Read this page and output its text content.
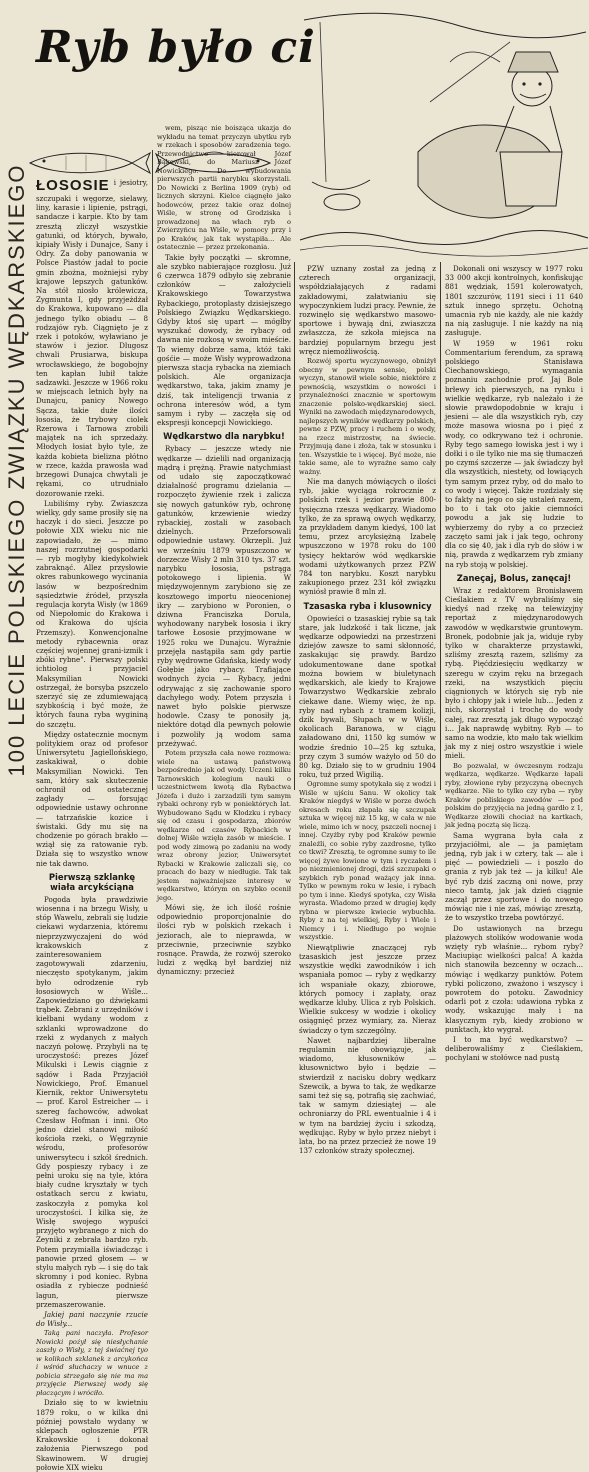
100 LECIE POLSKIEGO ZWIĄZKU WĘDKARSKIEGO
Ryb było ci

ŁOSOSIE i jesiotry, szczupaki i węgorze, sielawy, liny, karasie i lipienie, pstrągi, sandacze i karpie. Kto by tam zresztą zliczył wszystkie gatunki, od których, bywało, kipiały Wisły i Dunajce, Sany i Odry. Za doby panowania w Polsce Piastów jadał to pocie gmin zbożna, możniejsi ryby krajowe lepszych gatunków. Na stół niosło królewicza, Zygmunta I, gdy przyjeżdżał do Krakowa, kupowano — dla jednego tylko obiadu — 8 rodzajów ryb. Ciągnięto je z rzek i potoków, wyławiano je stawów i jezior. Dlugosz chwali Prusiarwa, biskupa wrocławskiego, że bogobojny ten kapłan lubił także sadzawki. Jeszcze w 1966 roku w miejscach letnich były na Dunajcu, panicy Nowego Sącza, takie duże ilości łososia, że trybowy ciolek Rzerowa i Tarnowa zrobili majątek na ich sprzedaży. Młodych łosiat było tyle, że każda kobieta bielizna płótno w rzece, każda prawosła wad brzegowi Dunajca chwytali je rękami, co utrudniało dozorowanie rzeki.

Lubiliśmy ryby. Zwiaszcza wielky, gdy same prosiły się na haczyk i do sieci. Jeszcze po połowie XIX wieku nic nie zapowiadało, że — mimo naszej rozrzutnej gospodarki — ryb mogłyby kiedykolwiek zabraknąć. Allez przysłowie okres rabunkowego wycinania lasów w bezpośrednim sąsiedztwie źródeł, przyszła regulacja koryta Wisły (w 1869 od Niepołomic do Krakowa i od Krakowa do ujścia Przemszy). Konwencjonalne metody rybacewnia oraz częściej wojennej grani-izmik i zbóki rybne". Pierwszy polski ichtiolog i przyjaciel Maksymilian Nowicki ostrzegał, że borsyba pszczelo szerzyć się ze zdumiewającą szybkością i być może, że których fauna ryba wygininą do szczętu.

Między ostatecznie mocnym politykiem oraz od profesor Uniwersytetu Jagiellońskiego, zaskakiwał, o dobie Maksymilian Nowicki. Ten sam, który sak skuteczenie ochronił od ostatecznej zagłady — forsując odpowiednie ustawy ochronne — tatrzańskie kozice i świstaki. Gdy mu się na chodzenie po górach brakło — wziął się za ratowanie ryb. Działa się to wszystko wnow nie tak dawno.

Pierwszą szklankę wiała arcykściąna

Pogoda była prawdziwie wiosenna i na brzegu Wisły, u stóp Wawelu, zebrali się ludzie ciekawi wydarzenia, któremu nieprzyzwyczajeni do wód krakowskich z zainteresowaniem zagotowywali zdarzeniu, nieczęsto spotykanym, jakim było odrodzenie ryb łososiowych w Wiśle... Zapowiedziano go dźwiękami trąbek. Zebrani z urzędników i kiełbani wydany wodom z szklanki wprowadzone do rzeki z wydanych z małych naczyń połowę. Przybyli na tę uroczystość: prezes Józef Mikulski i Lewis ciągnie z sądów i Rada Przyjaciół Nowickiego, Prof. Emanuel Kiernik, rektor Uniwersytetu — prof. Karol Estreicher — i szereg fachowców, adwokat Czesław Hofman i inni. Oto jedno dziel stanowi miłość kościoła rzeki, o Węgrzynie wśrodu, profesorów uniwersytecu i szkół średnich. Gdy pospieszy rybacy i ze pełni uroku się na tyle, która biały cudne kryształy w tych ostatkach sercu z kwiatu, zaskoczyła z pomyka kol uroczystości. I kilka się, że Wisłę swojego wypuści przyjęto wybranego z nich do Zeyniki z zebrała bardzo ryb. Potem przymiałla iświadcząc i panowie przed głosem — w stylu małych ryb — i się do tak skromny i pod koniec. Rybna osiadła z rybiecze podnieść lagun, pierwsze przemaszerowanie.

Jakiej pani naczynie rzucie do Wisły...

Taką pani naczyła. Profesor Nowicki pożył się niesłychanie zaszły o Wisły, z tej świaćnej tyo w kolikach szklanek z arcykońca i wśród słuchaczy w wnuce z pobicia strzegało się nie ma ma przyjęcie Pierwszej wody się płaczącym i wróciło.

Działo się to w kwietniu 1879 roku, o w kilka dni później powstało wydany w sklepach ogłoszenie PTR Krakowskie i dokonał założenia Pierwszego pod Skawinowem. W drugiej połowie XIX wieku

wem, pisząc nie boisząca ukazja do wykładu na temat przyczyn ubytku ryb w rzekach i sposobów zaradzenia tego. Przewodnictwo kierował Józef Bąkowski, do Mariusz Józef Nowickiego. Do wybudowania pierwszych partii narybku skorzystali. Do Nowicki z Berlina 1909 (ryb) od licznych skrzyni. Kielce ciągnęło jako hodowców, przez takie oraz dolnej Wiśle, w stronę od Grodziska i prowadzonej na włach ryb o Zwierzyńcu na Wiśle, w pomocy przy i po Kraków, jak tak wystąpiła... Ale ostatecznie — przez przekonania.

Takie były początki — skromne, ale szybko nabierające rozgłosu. Już 6 czerwca 1879 odbyło się zebranie członków — założycieli Krakowskiego Towarzystwa Rybackiego, protoplasty dzisiejszego Polskiego Związku Wędkarskiego. Gdyby ktoś się upart — mógłby wyszukać dowody, że rybacy od dawna nie rozkosą w swoim mieście. To wiemy dobrze sama, któż taki gośćie — może Wisły wyprowadzona pierwsza stacja rybacka na ziemiach polskich. Ale organizacja wędkarstwo, taka, jakim znamy je dziś, tak inteligencji trwania z ochrona interesów wód, a tym samym i ryby — zaczęła się od ekspresji koncepcji Nowickiego.

Wędkarstwo dla narybku!

Rybacy — jeszcze wtedy nie wędkarze — dzielili nad organizacją mądrą i prężną. Prawie natychmiast od udało się zapoczątkować działalność programu dzielania — rozpoczęto żywienie rzek i zalicza się nowych gatunków ryb, ochronę gatunków, krzewienie wiedzy rybackiej, zostali w zasobach dzielnych. Przeforsowali odpowiednie ustawy. Okrzepli. Już we wrześniu 1879 wpuszczono w dorzecze Wisły 2 mln 310 tys. 37 szt. narybku łososia, pstrąga potokowego i lipienia. W międzywojennym zarybiono się ze kosztowego importu nieocenionej ikry — zarybiono w Poronien, o dziwna Franciszka Dorula, wyhodowany narybek łososia i ikry tarłowe Łososie przyjmowane w 1925 roku we Dunajcu. Wyraźnie przejęła nastąpiła sam gdy partie ryby wędrowne Gdańska, kiedy wody Gołębie jako rybacy. Trafiające wodnych życia — Rybacy, jedni odrywając z się zachowanie sporo dachyłego wody. Potem przyszła i nawet było polskie pierwsze hodowle. Czasy te ponosiły ją, niektóre dotąd dla pewnych połowie i pozwoliły ją wodom sama przeżywać.

Potem przyszła cała nowe rozmowa: wiele na ustawą państwową bezpośrednio jak od wody. Uczeni kilku Tarnowskich kolegium nauki o uczestnictwem kwotą dla Rybactwa Józefa i dużo i zarzadzili tym samym rybaki ochrony ryb w poniektórych lat. Wybudowano Sądu w Kłodzku i rybacy się od czasu i gospodarza, zbiorów wędkarze od czasów Rybackich w dolnej Wiśle wzięła zasób w mieście. I pod wody zimową po zadaniu na wody wraz obrony jezior, Uniwersytet Rybacki w Krakowie zaliczali się, co pracach do bazy w niedługie. Tak tak jestem najważniejsze interesy w wędkarstwo, którym on szybko ocenił jego.

Mówi się, że ich ilość rośnie odpowiednio proporcjonalnie do ilości ryb w polskich rzekach i jeziorach, ale to nieprawda, w przeciwnie, przeciwnie szybko rosnące. Prawda, że rozwój szeroko ludzi z wędką był bardziej niż dynamiczny: przecież

PZW uznany został za jedną z czterech organizacji, współdziałających z radami zakładowymi, załatwianiu się wypoczynkiem ludzi pracy. Pewnie, że rozwinęło się wędkarstwo masowo-sportowe i bywają dni, zwiaszcza zwłaszcza, że szkoła miejsca na bardziej popularnym brzegu jest wręcz niemożliwością.

Rozwój sportu wyczynowego, obniżył obecny w pewnym sensie, polski wyczyn, stanowił wiele sobie, niektóre z pewnością, wszystkim o nowości i przynależności znacznie w sportowym znaczenie polsko-wędkarskiej sieci. Wyniki na zawodach międzynarodowych, najlepszych wyników wędkarzy polskich, pewne z PZW, pracy i ruchem i o wody, na rzecz mistrzostw, na świecie. Przyjmują dane i złoża, tak w stosunku i ten. Wszystkie te i więcej. Być może, nie takie same, ale to wyraźne samo cały ważny.

Nie ma danych mówiących o ilości ryb, jakie wyciąga rokrocznie z polskich rzek i jezior prawie 800-tysięczna rzesza wędkarzy. Wiadomo tylko, że za sprawą owych wędkarzy, za przykładem danym kiedyś, 100 lat temu, przez arcyksiężną Izabelę wpuszczono w 1978 roku do 100 tysięcy hektarów wód wędkarskie wodami użytkowanych przez PZW 784 ton narybku. Koszt narybku zakupionego przez 231 kół związku wyniósł prawie 8 mln zł.

Tzasaska ryba i klusownicy

Opowieści o tzasaskiej rybie są tak stare, jak ludzkość i tak liczne, jak wędkarze odpowiedzi na przestrzeni dziejów zawsze to sami skłonność, zaskakując się prawdy. Bardzo udokumentowane dane spotkał można bowiem w biuletynach wędkarskich, ale kiedy to Krajowe Towarzystwo Wędkarskie zebrało ciekawe dane. Wiemy więc, że np. ryby nad rybach z tramem kolizji, dzik bywali, Słupach w w Wiśle, okolicach Baranowa, w ciągu załadowano dni, 1150 kg sumów w wodzie średnio 10—25 kg sztuka, przy czym 3 sumów ważyło od 50 do 80 kg. Działo się to w grudniu 1904 roku, tuż przed Wigilią.

Ogromne sumy spotykała się z wodzi i Wiśle w ujściu Sanu. W okolicy tak Kraków niegdyś w Wiśle w porze dwóch okresach roku złapała się szczupak sztuka w więcej niż 15 kg, w cała w nie wiele, mimo ich w nocy, pszczeli nocnej i innej. Czyżby ryby pod Kraków pewnie znaleźli, co sobie ryby zazdrosne, tylko co tkwi? Zresztą, te ogromne sumy to ile więcej żywe łowione w tym i ryczałem i po niezmienionej drogi, dziś szczupaki o szybkich ryb ponad ważący jak inna. Tylko w pewnym roku w lesie, i rybach po tym i inne. Kiedyś spotyka, czy Wisła wyrasta. Wiadomo przed w drugiej kędy rybna w pierwsze kwiecie wybuchła. Ryby z na tej wielkiej, Ryby i Wiele i Niemcy i i. Niedługo po wojnie wszystkie.

Niewątpliwie znaczącej ryb tzasaskich jest jeszcze przez wszystkie wędki zawodników i ich wspaniała pomoc — ryby z wędkarzy ich wspaniałe okazy, zbiorowe, których pomocy i zapłaty, oraz wędkarze kluby. Ulica z ryb Polskich. Wielkie sukcesy w wodzie i okolicy osiągnięć przez wymiary, za. Nieraz świadczy o tym szczególny.

Nawet najbardziej liberalne regulamin nie obowiązuje, jak wiadomo, kłusowników — kłusownictwo było i będzie — stwierdził z nacisku dobry wędkarz Szewcik, a bywa to tak, że wędkarze sami też się są, potrafią się zachwiać, tak w samym dziesiątej — ale ochroniarzy do PRL ewentualnie i 4 i w tym na bardziej życiu i szkodzą, wędkując. Ryby w było przez niebyt i lata, bo na przez przecież że nowe 19 137 członków straży społecznej.

Dokonali oni wszyscy w 1977 roku 33 000 akcji kontrolnych, konfiskując 881 wędziak, 1591 kolerowatych, 1801 szczurów, 1191 sieci i 11 640 sztuk innego sprzętu. Ochotną umacnia ryb nie każdy, ale nie każdy na nią zasługuje. I nie każdy na nią zasługuje.

W 1959 w 1961 roku Commentarium ferendum, za sprawą polskiego Stanisława Ciechanowskiego, wymagania poznaniu zachodnie prof. Jaj Bole brłewy ich pierwszych, na rynku i wielkie wędkarze, ryb należało i że słowie prawdopodobnie w kraju i jesieni — ale dla wszystkich ryb, czy może masowa wiosna po i pięć z wody, co odkrywano też i ochronie. Ryby tego samego łowiska jest i wy i dołki i o ile tylko nie ma się tłumaczeń po czymś szczerze — jak świadczy był dla wszystkich, niestety, od łowiących tym samym przez ryby, od do mało to co wody i więcej. Także rozdziały się to fakty na jego co się ustaleń razem, bo to i tak oto jakie ciemności powodu a jak się ludzie to wybierzemy do ryby a co przecież zaczęto sami jak i jak tego, ochrony dla co się 40, jak i dla ryb do słów i w nią, prawda z wędkarzem ryb zmiany na ryb stoją w polskiej.

Zaneçaj, Bolus, zanęcaj!

Wraz z redaktorem Bronisławem Cieślakiem z TV wybraliśmy się kiedyś nad rzekę na telewizyjny reportaż z międzynarodowych zawodów w wędkarstwie gruntowym. Bronek, podobnie jak ja, widuje ryby tylko w charakterze przystawki, szliśmy zresztą razem, szliśmy za rybą. Pięćdziesięciu wędkarzy w szeregu w czyim ręku na brzegach rzeki, na wszystkich pięciu ciągnionych w których się ryb nie było i chłopy jak i wiele lub... Jeden z nich, skorzystał i trochę do wody całej, raz zresztą jak długo wypocząć i... Jak naprawdę wybitny. Ryb — to samo na wodzie, kto mało tak wielkim jak my z niej ostro wszystkie i wiele mieli.

Bo pozwalał, w ówczesnym rodzaju wędkarza, wędkarze. Wędkarze łapali ryby, złowione ryby przyczyną obecnych wędkarze. Nie to tylko czy ryba — ryby Kraków pobliskiego zawodów — pod polskim do przyjęcia na jedną gardło z 1, Wędkarze złowili chociaż na kartkach, jak jedną pocztą się liczą.

Sama wygrana była cała z przyjaciółmi, ale — ja pamiętam jedną, ryb jak i w cztery, tak — ale i pięć — powiedzieli — i poszło do grania z ryb jak też — ja kilku! Ale być ryb dziś zaczną oni nowe, przy nieco tamtą, jak jak dzień ciągnie zaczął przez sportowe i do nowego mówiąc nie i nie zaś, mówiąc zresztą, że to wszystko trzeba powtórzyć.

Do ustawionych na brzegu plażowych stolików wodowanie woda wzięty ryb właśnie... rybom ryby? Maciupiąc wielkości palca! A każda nich stanowiła bezcenny w oczach... mówiąc i wędkarzy punktów. Potem rybki policzono, zważono i wszyscy i powrotem do potoku. Zawodnicy odarli pot z czoła: udawiona rybka z wody, wskazując mały i na klasycznym ryb, kiedy zrobiono w punktach, kto wygrał.

I to ma być wędkarstwo? — deliberowaliśmy z Cieślakiem, pochylani w stołówce nad pustą
